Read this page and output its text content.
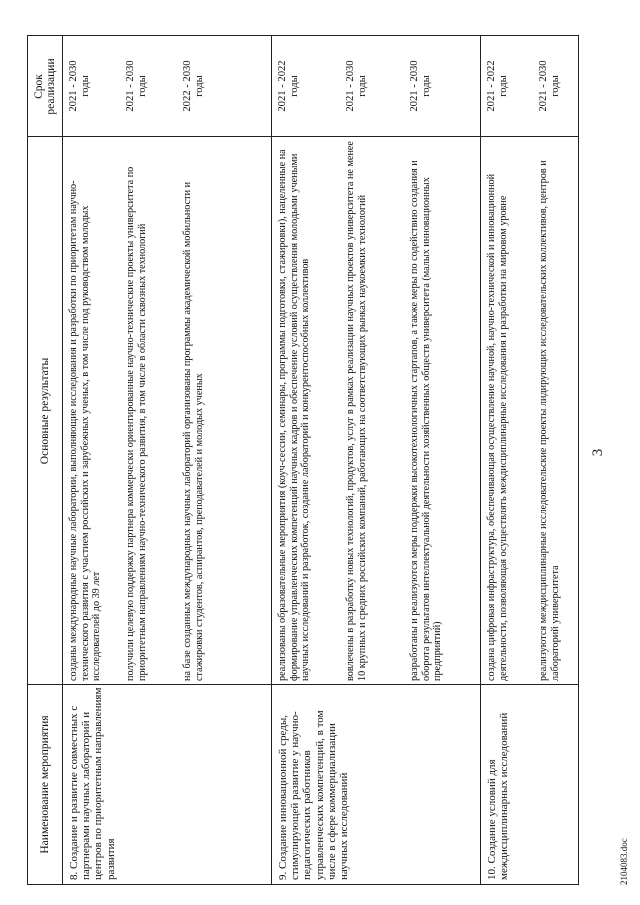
Наименование мероприятия
Основные результаты
Срок
реализации
8. Создание и развитие совместных с партнерами научных лабораторий и центров по приоритетным направлениям развития
созданы международные научные лаборатории, выполняющие исследования и разработки по приоритетам научно-технического развития с участием российских и зарубежных ученых, в том числе под руководством молодых исследователей до 39 лет
2021 - 2030
годы
получили целевую поддержку партнера коммерчески ориентированные научно-технические проекты университета по приоритетным направлениям научно-технического развития, в том числе в области сквозных технологий
2021 - 2030
годы
на базе созданных международных научных лабораторий организованы программы академической мобильности и стажировки студентов, аспирантов, преподавателей и молодых ученых
2022 - 2030
годы
9. Создание инновационной среды, стимулирующей развитие у научно-педагогических работников управленческих компетенций, в том числе в сфере коммерциализации научных исследований
реализованы образовательные мероприятия (коуч-сессии, семинары, программы подготовки, стажировки), нацеленные на формирование управленческих компетенций научных кадров и обеспечение условий осуществления молодыми учеными научных исследований и разработок, создание лабораторий и конкурентоспособных коллективов
2021 - 2022
годы
вовлечены в разработку новых технологий, продуктов, услуг в рамках реализации научных проектов университета не менее 10 крупных и средних российских компаний, работающих на соответствующих рынках наукоемких технологий
2021 - 2030
годы
разработаны и реализуются меры поддержки высокотехнологичных стартапов, а также меры по содействию создания и оборота результатов интеллектуальной деятельности хозяйственных обществ университета (малых инновационных предприятий)
2021 - 2030
годы
10. Создание условий для междисциплинарных исследований
создана цифровая инфраструктура, обеспечивающая осуществление научной, научно-технической и инновационной деятельности, позволяющая осуществлять междисциплинарные исследования и разработки на мировом уровне
2021 - 2022
годы
реализуются междисциплинарные исследовательские проекты лидирующих исследовательских коллективов, центров и лабораторий университета
2021 - 2030
годы
3
2104083.doc
